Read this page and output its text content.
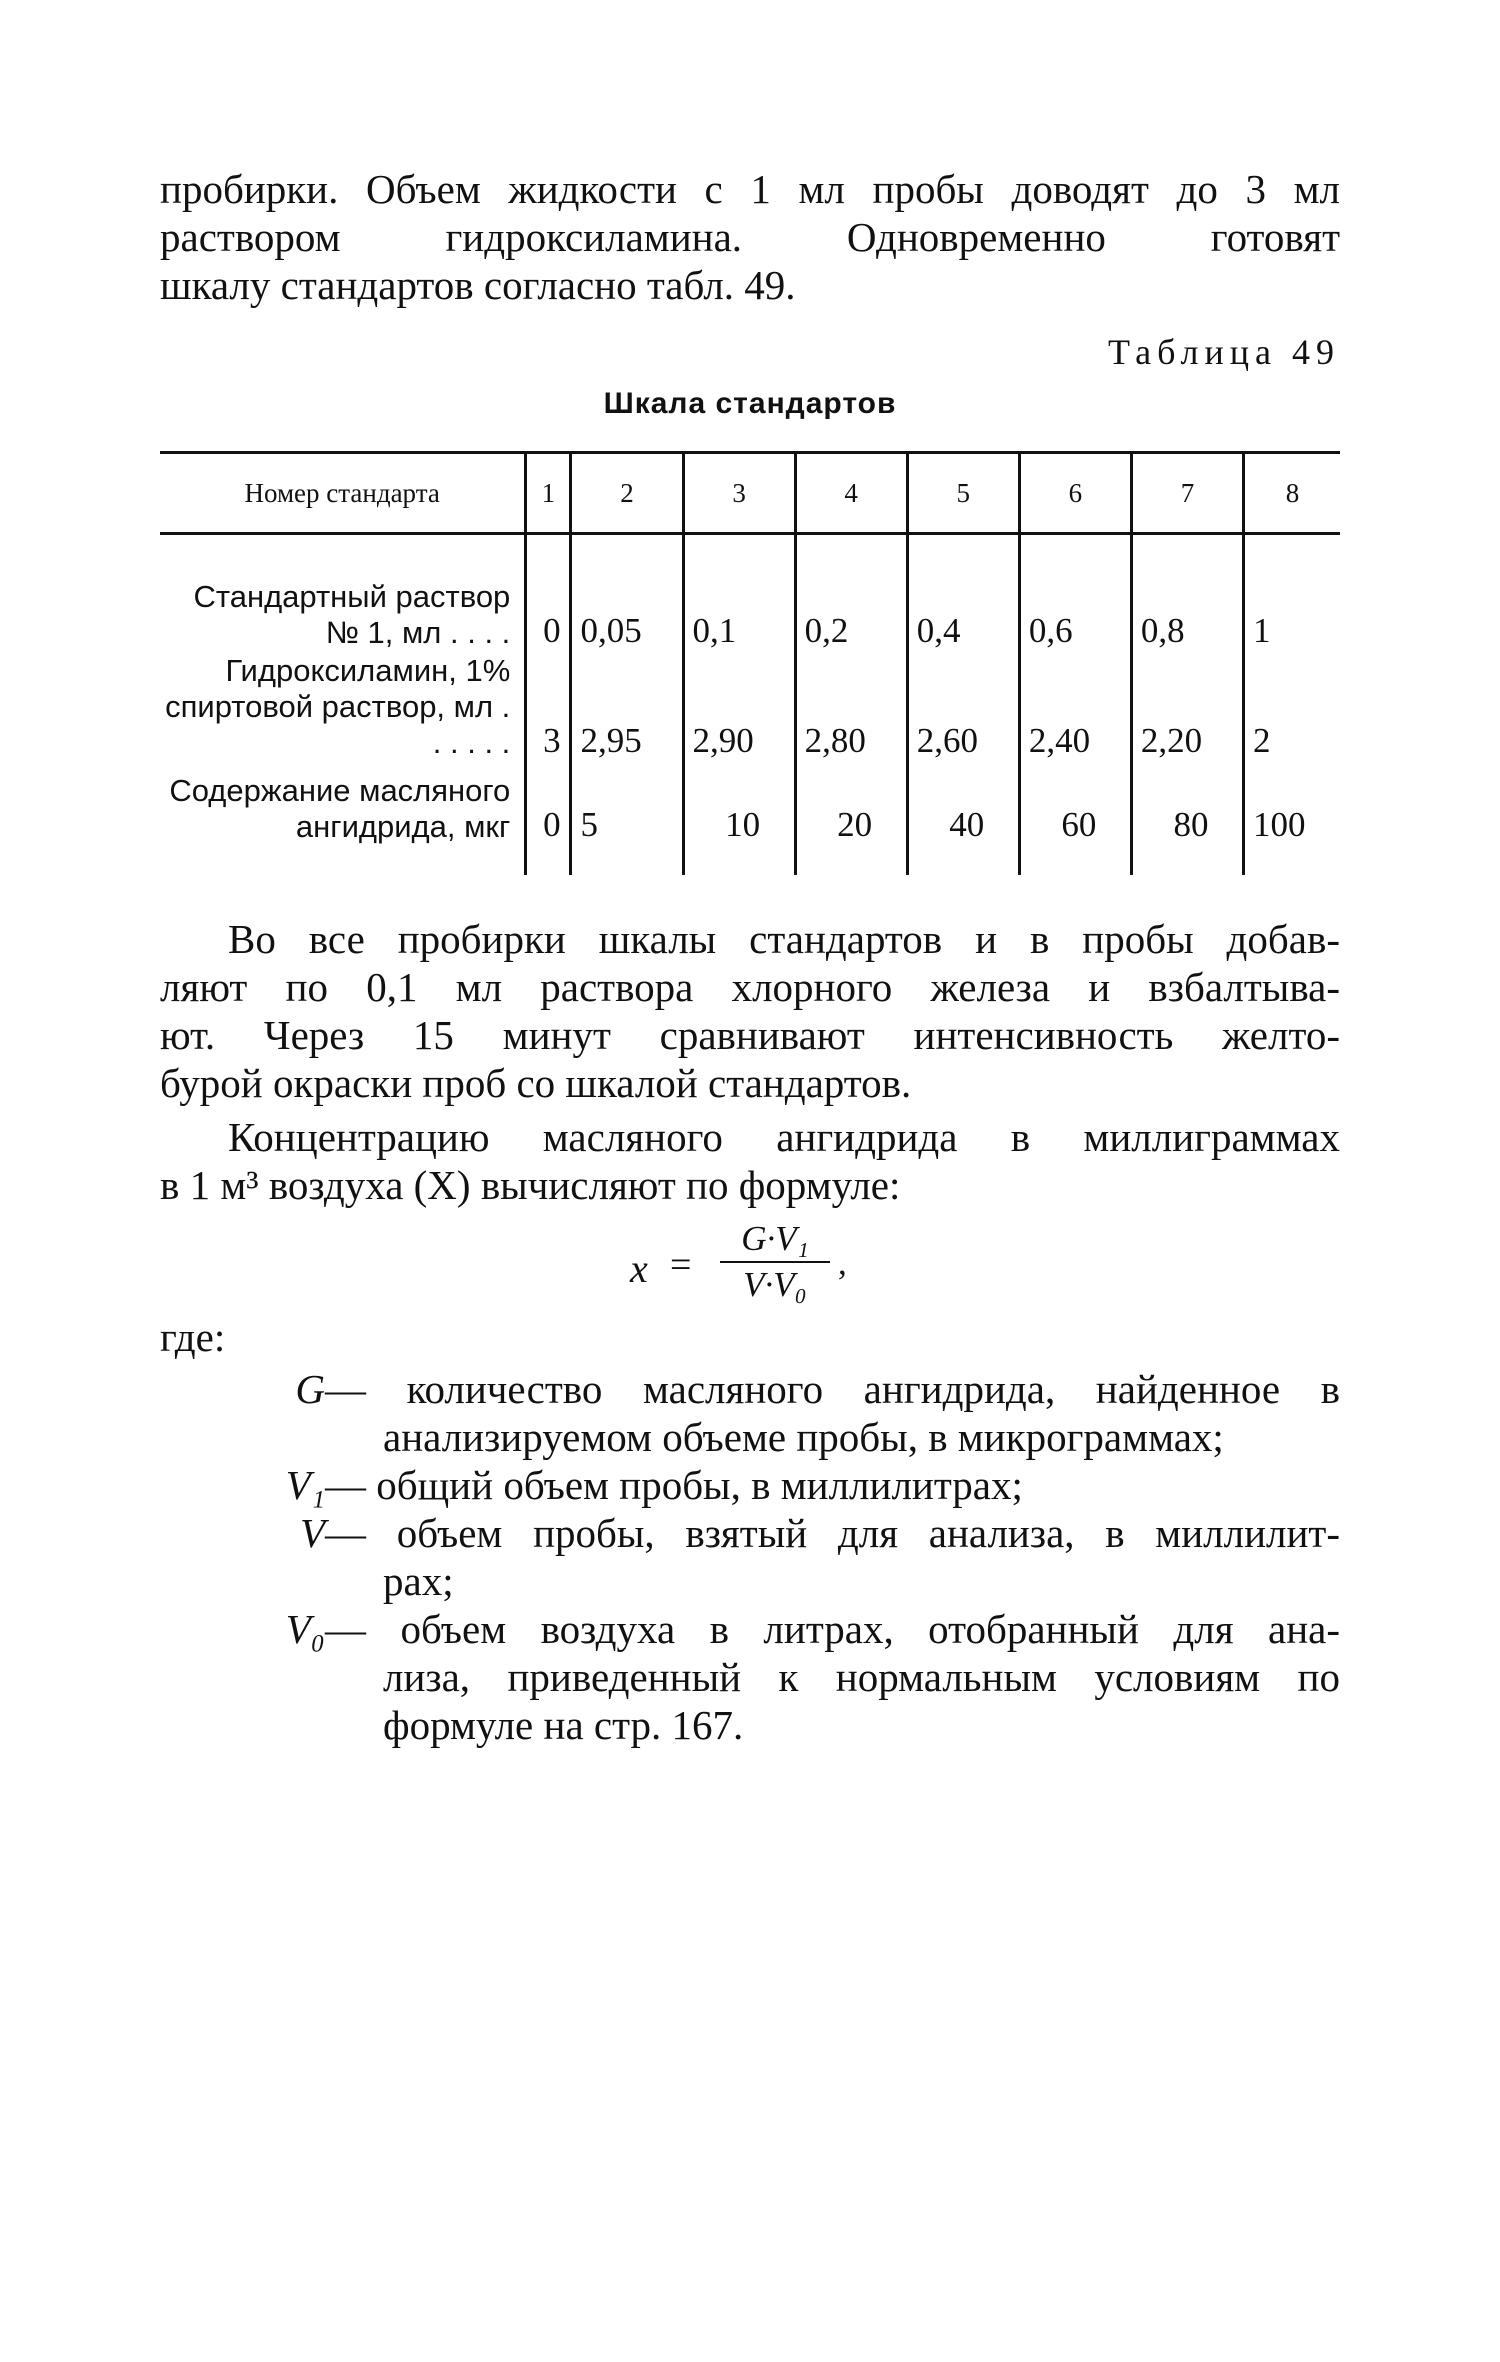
пробирки. Объем жидкости с 1 мл пробы доводят до 3 мл
раствором гидроксиламина. Одновременно готовят
шкалу стандартов согласно табл. 49.

Таблица 49
Шкала стандартов
Номер стандарта	1	2	3	4	5	6	7	8
Стандартный раствор № 1, мл . . . .	0	0,05	0,1	0,2	0,4	0,6	0,8	1
Гидроксиламин, 1% спиртовой раствор, мл . . . . . .	3	2,95	2,90	2,80	2,60	2,40	2,20	2
Содержание масляного ангидрида, мкг	0	5	10	20	40	60	80	100

Во все пробирки шкалы стандартов и в пробы добав-
ляют по 0,1 мл раствора хлорного железа и взбалтыва-
ют. Через 15 минут сравнивают интенсивность желто-
бурой окраски проб со шкалой стандартов.

Концентрацию масляного ангидрида в миллиграммах
в 1 м³ воздуха (X) вычисляют по формуле:

x =
G·V₁
V·V₀
,
где:
G — количество масляного ангидрида, найденное в
анализируемом объеме пробы, в микрограммах;
V₁ — общий объем пробы, в миллилитрах;
V — объем пробы, взятый для анализа, в миллилит-
рах;
V₀ — объем воздуха в литрах, отобранный для ана-
лиза, приведенный к нормальным условиям по
формуле на стр. 167.
